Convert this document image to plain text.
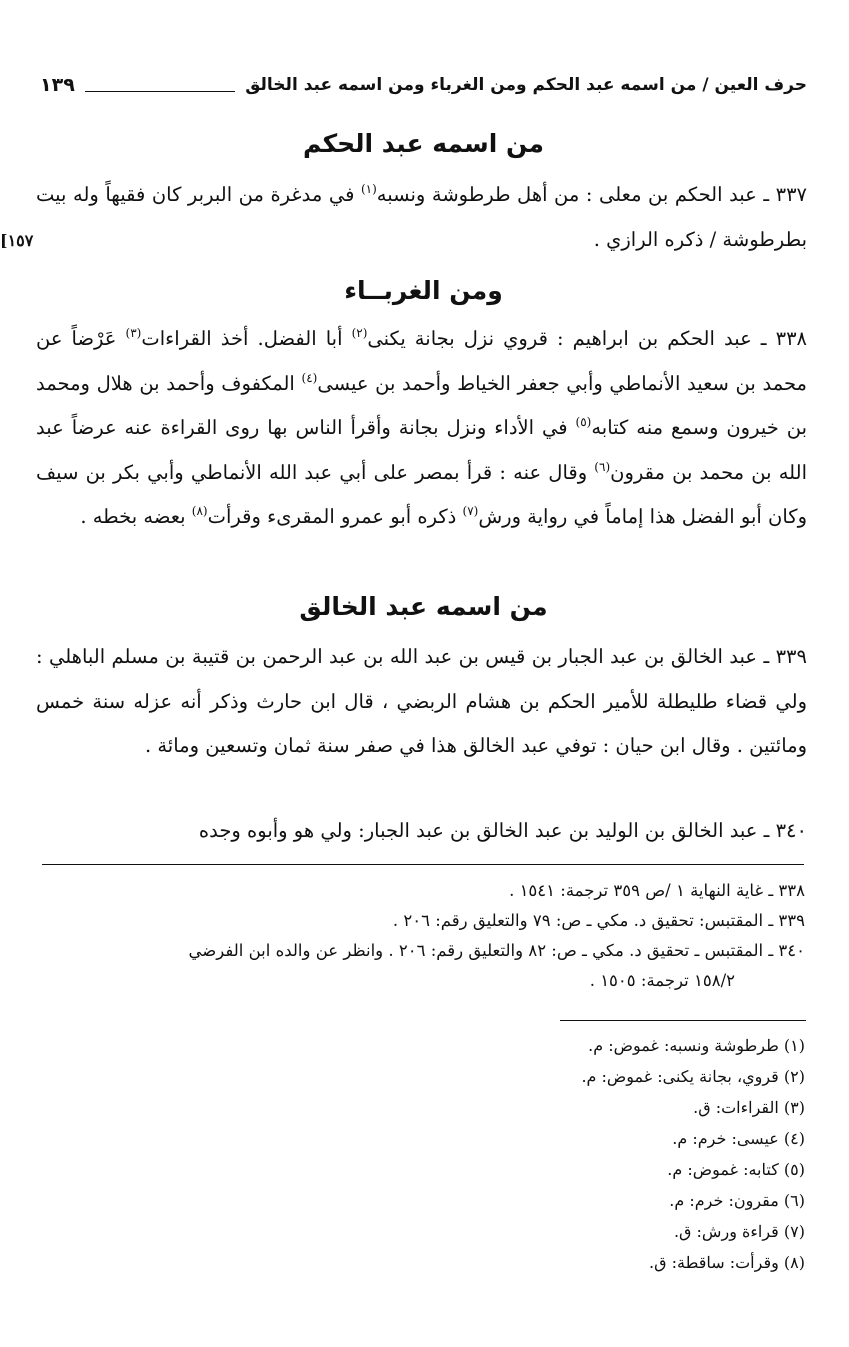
حرف العين / من اسمه عبد الحكم ومن الغرباء ومن اسمه عبد الخالق
١٣٩
من اسمه عبد الحكم

٣٣٧ ـ عبد الحكم بن معلى : من أهل طرطوشة ونسبه$^{(١)}$ في مدغرة من البربر كان فقيهاً وله بيت بطرطوشة / ذكره الرازي .

[١٥٧
ومن الغربــاء

٣٣٨ ـ عبد الحكم بن ابراهيم : قروي نزل بجانة يكنى$^{(٢)}$ أبا الفضل. أخذ القراءات$^{(٣)}$ عَرْضاً عن محمد بن سعيد الأنماطي وأبي جعفر الخياط وأحمد بن عيسى$^{(٤)}$ المكفوف وأحمد بن هلال ومحمد بن خيرون وسمع منه كتابه$^{(٥)}$ في الأداء ونزل بجانة وأقرأ الناس بها روى القراءة عنه عرضاً عبد الله بن محمد بن مقرون$^{(٦)}$ وقال عنه : قرأ بمصر على أبي عبد الله الأنماطي وأبي بكر بن سيف وكان أبو الفضل هذا إماماً في رواية ورش$^{(٧)}$ ذكره أبو عمرو المقرىء وقرأت$^{(٨)}$ بعضه بخطه .

من اسمه عبد الخالق

٣٣٩ ـ عبد الخالق بن عبد الجبار بن قيس بن عبد الله بن عبد الرحمن بن قتيبة بن مسلم الباهلي : ولي قضاء طليطلة للأمير الحكم بن هشام الربضي ، قال ابن حارث وذكر أنه عزله سنة خمس ومائتين . وقال ابن حيان : توفي عبد الخالق هذا في صفر سنة ثمان وتسعين ومائة .

٣٤٠ ـ عبد الخالق بن الوليد بن عبد الخالق بن عبد الجبار: ولي هو وأبوه وجده

٣٣٨ ـ غاية النهاية ١ /ص ٣٥٩ ترجمة: ١٥٤١ .

٣٣٩ ـ المقتبس: تحقيق د. مكي ـ ص: ٧٩ والتعليق رقم: ٢٠٦ .

٣٤٠ ـ المقتبس ـ تحقيق د. مكي ـ ص: ٨٢ والتعليق رقم: ٢٠٦ . وانظر عن والده ابن الفرضي

١٥٨/٢ ترجمة: ١٥٠٥ .

(١) طرطوشة ونسبه: غموض: م.

(٢) قروي، بجانة يكنى: غموض: م.

(٣) القراءات: ق.

(٤) عيسى: خرم: م.

(٥) كتابه: غموض: م.

(٦) مقرون: خرم: م.

(٧) قراءة ورش: ق.

(٨) وقرأت: ساقطة: ق.
